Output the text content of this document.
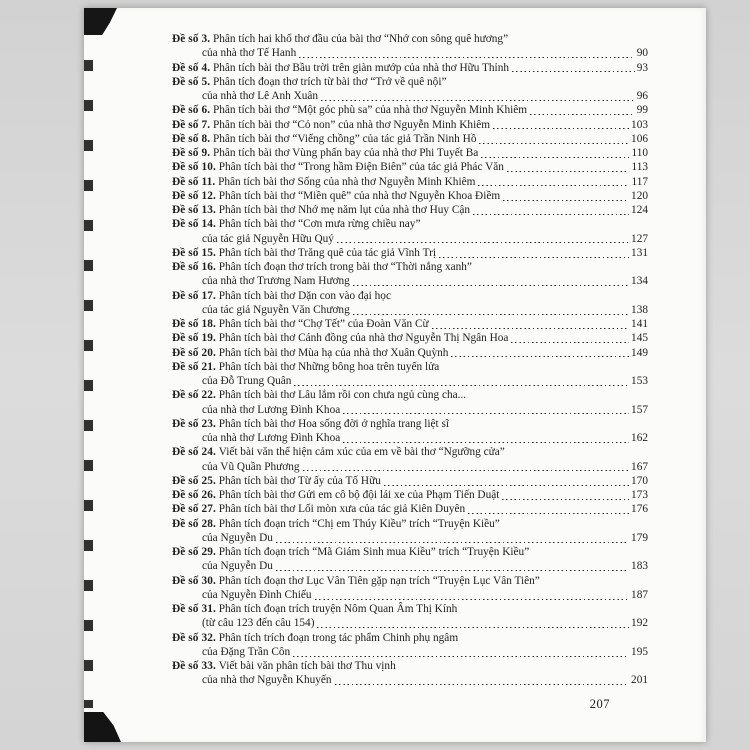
Đề số 3. Phân tích hai khổ thơ đầu của bài thơ “Nhớ con sông quê hương”
của nhà thơ Tế Hanh	90
Đề số 4. Phân tích bài thơ Bầu trời trên giàn mướp của nhà thơ Hữu Thỉnh	93
Đề số 5. Phân tích đoạn thơ trích từ bài thơ “Trở về quê nội”
của nhà thơ Lê Anh Xuân	96
Đề số 6. Phân tích bài thơ “Một góc phù sa” của nhà thơ Nguyễn Minh Khiêm	99
Đề số 7. Phân tích bài thơ “Cỏ non” của nhà thơ Nguyễn Minh Khiêm	103
Đề số 8. Phân tích bài thơ “Viếng chồng” của tác giả Trần Ninh Hồ	106
Đề số 9. Phân tích bài thơ Vùng phấn bay của nhà thơ Phi Tuyết Ba	110
Đề số 10. Phân tích bài thơ “Trong hầm Điện Biên” của tác giả Phác Văn	113
Đề số 11. Phân tích bài thơ Sống của nhà thơ Nguyễn Minh Khiêm	117
Đề số 12. Phân tích bài thơ “Miền quê” của nhà thơ Nguyễn Khoa Điềm	120
Đề số 13. Phân tích bài thơ Nhớ mẹ năm lụt của nhà thơ Huy Cận	124
Đề số 14. Phân tích bài thơ “Cơn mưa rừng chiều nay”
của tác giả Nguyễn Hữu Quý	127
Đề số 15. Phân tích bài thơ Trăng quê của tác giả Vĩnh Trị	131
Đề số 16. Phân tích đoạn thơ trích trong bài thơ “Thời nắng xanh”
của nhà thơ Trương Nam Hương	134
Đề số 17. Phân tích bài thơ Dặn con vào đại học
của tác giả Nguyễn Văn Chương	138
Đề số 18. Phân tích bài thơ “Chợ Tết” của Đoàn Văn Cừ	141
Đề số 19. Phân tích bài thơ Cánh đồng của nhà thơ Nguyễn Thị Ngân Hoa	145
Đề số 20. Phân tích bài thơ Mùa hạ của nhà thơ Xuân Quỳnh	149
Đề số 21. Phân tích bài thơ Những bông hoa trên tuyến lửa
của Đỗ Trung Quân	153
Đề số 22. Phân tích bài thơ Lâu lắm rồi con chưa ngủ cùng cha...
của nhà thơ Lương Đình Khoa	157
Đề số 23. Phân tích bài thơ Hoa sống đời ở nghĩa trang liệt sĩ
của nhà thơ Lương Đình Khoa	162
Đề số 24. Viết bài văn thể hiện cảm xúc của em về bài thơ “Ngưỡng cửa”
của Vũ Quần Phương	167
Đề số 25. Phân tích bài thơ Từ ấy của Tố Hữu	170
Đề số 26. Phân tích bài thơ Gửi em cô bộ đội lái xe của Phạm Tiến Duật	173
Đề số 27. Phân tích bài thơ Lối mòn xưa của tác giả Kiên Duyên	176
Đề số 28. Phân tích đoạn trích “Chị em Thúy Kiều” trích “Truyện Kiều”
của Nguyễn Du	179
Đề số 29. Phân tích đoạn trích “Mã Giám Sinh mua Kiều” trích “Truyện Kiều”
của Nguyễn Du	183
Đề số 30. Phân tích đoạn thơ Lục Vân Tiên gặp nạn trích “Truyện Lục Vân Tiên”
của Nguyễn Đình Chiểu	187
Đề số 31. Phân tích đoạn trích truyện Nôm Quan Âm Thị Kính
(từ câu 123 đến câu 154)	192
Đề số 32. Phân tích trích đoạn trong tác phẩm Chinh phụ ngâm
của Đặng Trần Côn	195
Đề số 33. Viết bài văn phân tích bài thơ Thu vịnh
của nhà thơ Nguyễn Khuyến	201
207
